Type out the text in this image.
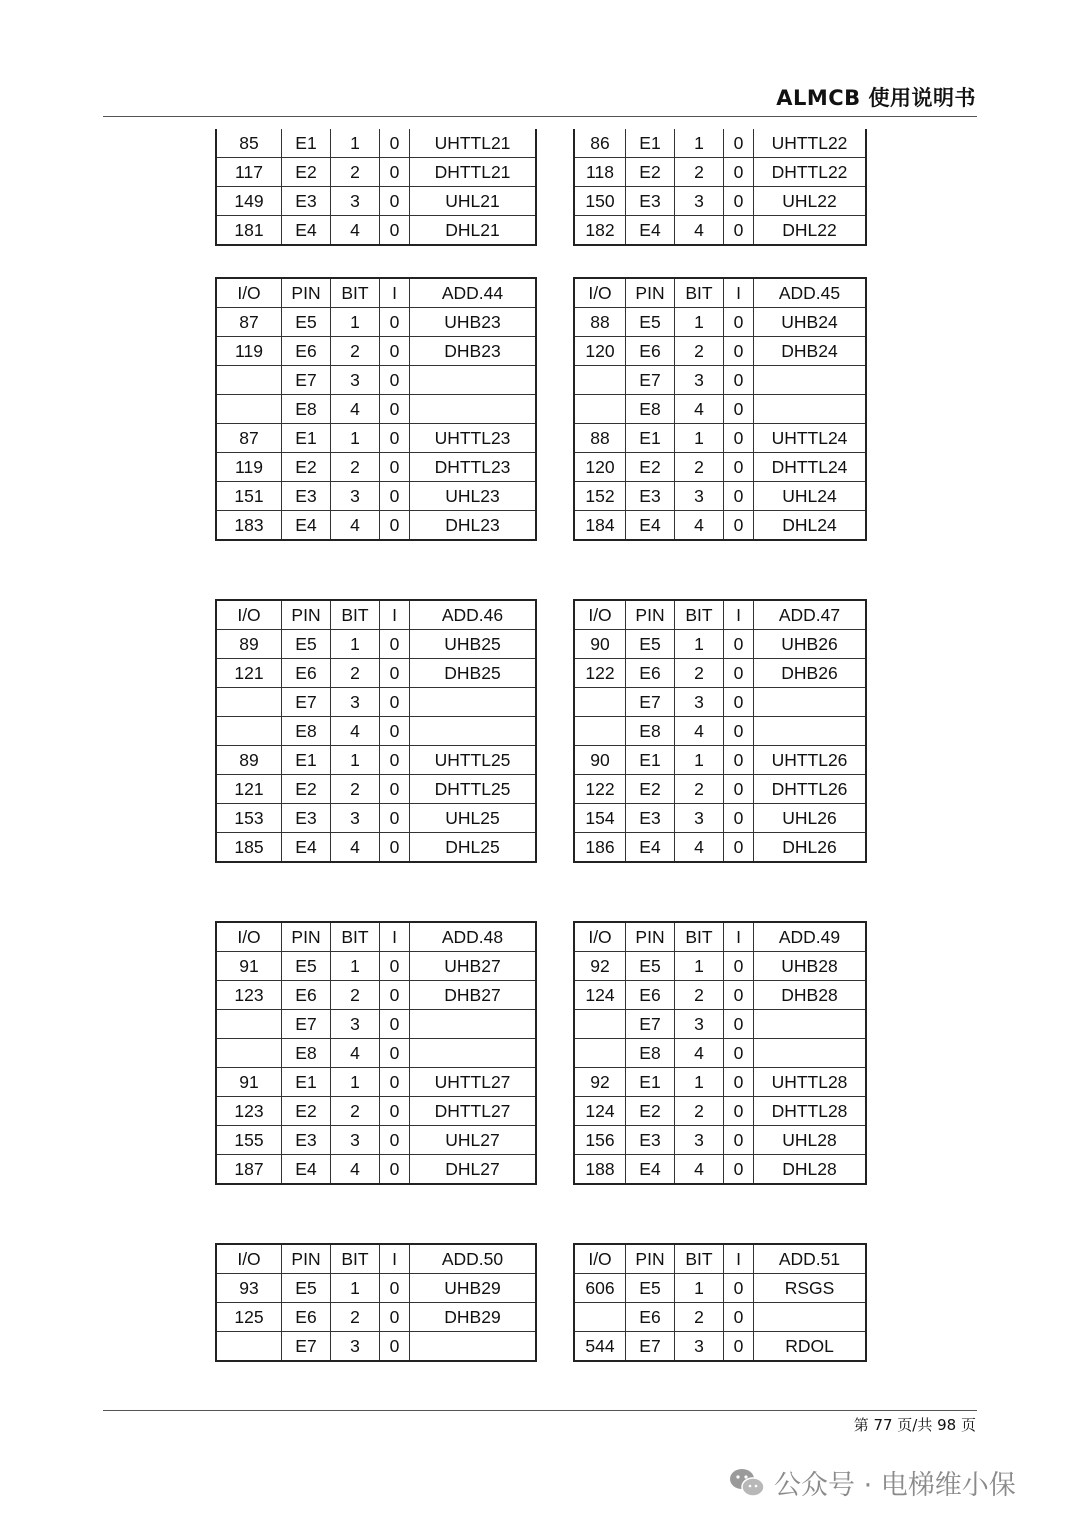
ALMCB 使用说明书
85	E1	1	0	UHTTL21
117	E2	2	0	DHTTL21
149	E3	3	0	UHL21
181	E4	4	0	DHL21
86	E1	1	0	UHTTL22
118	E2	2	0	DHTTL22
150	E3	3	0	UHL22
182	E4	4	0	DHL22
I/O	PIN	BIT	I	ADD.44
87	E5	1	0	UHB23
119	E6	2	0	DHB23
	E7	3	0	
	E8	4	0	
87	E1	1	0	UHTTL23
119	E2	2	0	DHTTL23
151	E3	3	0	UHL23
183	E4	4	0	DHL23
I/O	PIN	BIT	I	ADD.45
88	E5	1	0	UHB24
120	E6	2	0	DHB24
	E7	3	0	
	E8	4	0	
88	E1	1	0	UHTTL24
120	E2	2	0	DHTTL24
152	E3	3	0	UHL24
184	E4	4	0	DHL24
I/O	PIN	BIT	I	ADD.46
89	E5	1	0	UHB25
121	E6	2	0	DHB25
	E7	3	0	
	E8	4	0	
89	E1	1	0	UHTTL25
121	E2	2	0	DHTTL25
153	E3	3	0	UHL25
185	E4	4	0	DHL25
I/O	PIN	BIT	I	ADD.47
90	E5	1	0	UHB26
122	E6	2	0	DHB26
	E7	3	0	
	E8	4	0	
90	E1	1	0	UHTTL26
122	E2	2	0	DHTTL26
154	E3	3	0	UHL26
186	E4	4	0	DHL26
I/O	PIN	BIT	I	ADD.48
91	E5	1	0	UHB27
123	E6	2	0	DHB27
	E7	3	0	
	E8	4	0	
91	E1	1	0	UHTTL27
123	E2	2	0	DHTTL27
155	E3	3	0	UHL27
187	E4	4	0	DHL27
I/O	PIN	BIT	I	ADD.49
92	E5	1	0	UHB28
124	E6	2	0	DHB28
	E7	3	0	
	E8	4	0	
92	E1	1	0	UHTTL28
124	E2	2	0	DHTTL28
156	E3	3	0	UHL28
188	E4	4	0	DHL28
I/O	PIN	BIT	I	ADD.50
93	E5	1	0	UHB29
125	E6	2	0	DHB29
	E7	3	0	
I/O	PIN	BIT	I	ADD.51
606	E5	1	0	RSGS
	E6	2	0	
544	E7	3	0	RDOL
第 77 页/共 98 页
公众号 · 电梯维小保
